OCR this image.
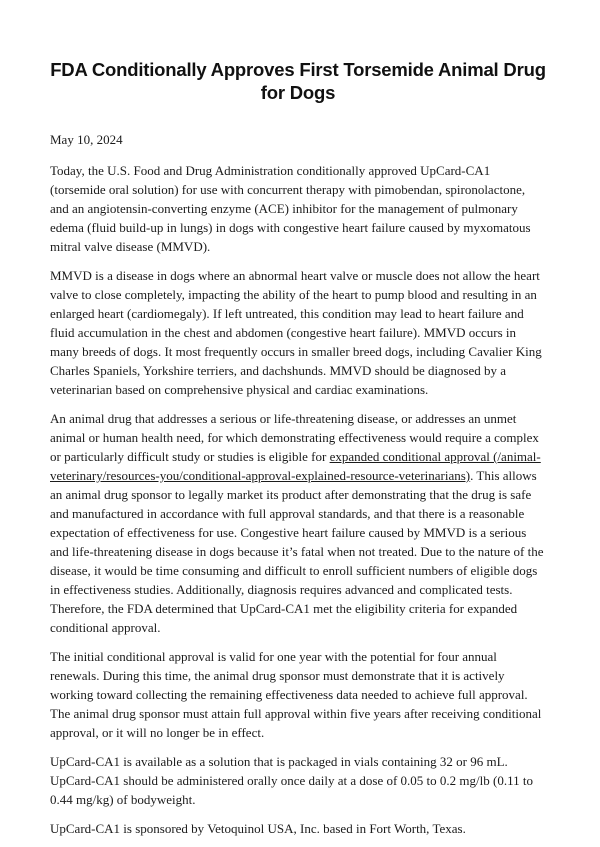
FDA Conditionally Approves First Torsemide Animal Drug for Dogs
May 10, 2024

Today, the U.S. Food and Drug Administration conditionally approved UpCard-CA1 (torsemide oral solution) for use with concurrent therapy with pimobendan, spironolactone, and an angiotensin-converting enzyme (ACE) inhibitor for the management of pulmonary edema (fluid build-up in lungs) in dogs with congestive heart failure caused by myxomatous mitral valve disease (MMVD).

MMVD is a disease in dogs where an abnormal heart valve or muscle does not allow the heart valve to close completely, impacting the ability of the heart to pump blood and resulting in an enlarged heart (cardiomegaly). If left untreated, this condition may lead to heart failure and fluid accumulation in the chest and abdomen (congestive heart failure). MMVD occurs in many breeds of dogs. It most frequently occurs in smaller breed dogs, including Cavalier King Charles Spaniels, Yorkshire terriers, and dachshunds. MMVD should be diagnosed by a veterinarian based on comprehensive physical and cardiac examinations.

An animal drug that addresses a serious or life-threatening disease, or addresses an unmet animal or human health need, for which demonstrating effectiveness would require a complex or particularly difficult study or studies is eligible for expanded conditional approval (/animal-veterinary/resources-you/conditional-approval-explained-resource-veterinarians). This allows an animal drug sponsor to legally market its product after demonstrating that the drug is safe and manufactured in accordance with full approval standards, and that there is a reasonable expectation of effectiveness for use. Congestive heart failure caused by MMVD is a serious and life-threatening disease in dogs because it’s fatal when not treated. Due to the nature of the disease, it would be time consuming and difficult to enroll sufficient numbers of eligible dogs in effectiveness studies. Additionally, diagnosis requires advanced and complicated tests. Therefore, the FDA determined that UpCard-CA1 met the eligibility criteria for expanded conditional approval.

The initial conditional approval is valid for one year with the potential for four annual renewals. During this time, the animal drug sponsor must demonstrate that it is actively working toward collecting the remaining effectiveness data needed to achieve full approval. The animal drug sponsor must attain full approval within five years after receiving conditional approval, or it will no longer be in effect.

UpCard-CA1 is available as a solution that is packaged in vials containing 32 or 96 mL. UpCard-CA1 should be administered orally once daily at a dose of 0.05 to 0.2 mg/lb (0.11 to 0.44 mg/kg) of bodyweight.

UpCard-CA1 is sponsored by Vetoquinol USA, Inc. based in Fort Worth, Texas.
